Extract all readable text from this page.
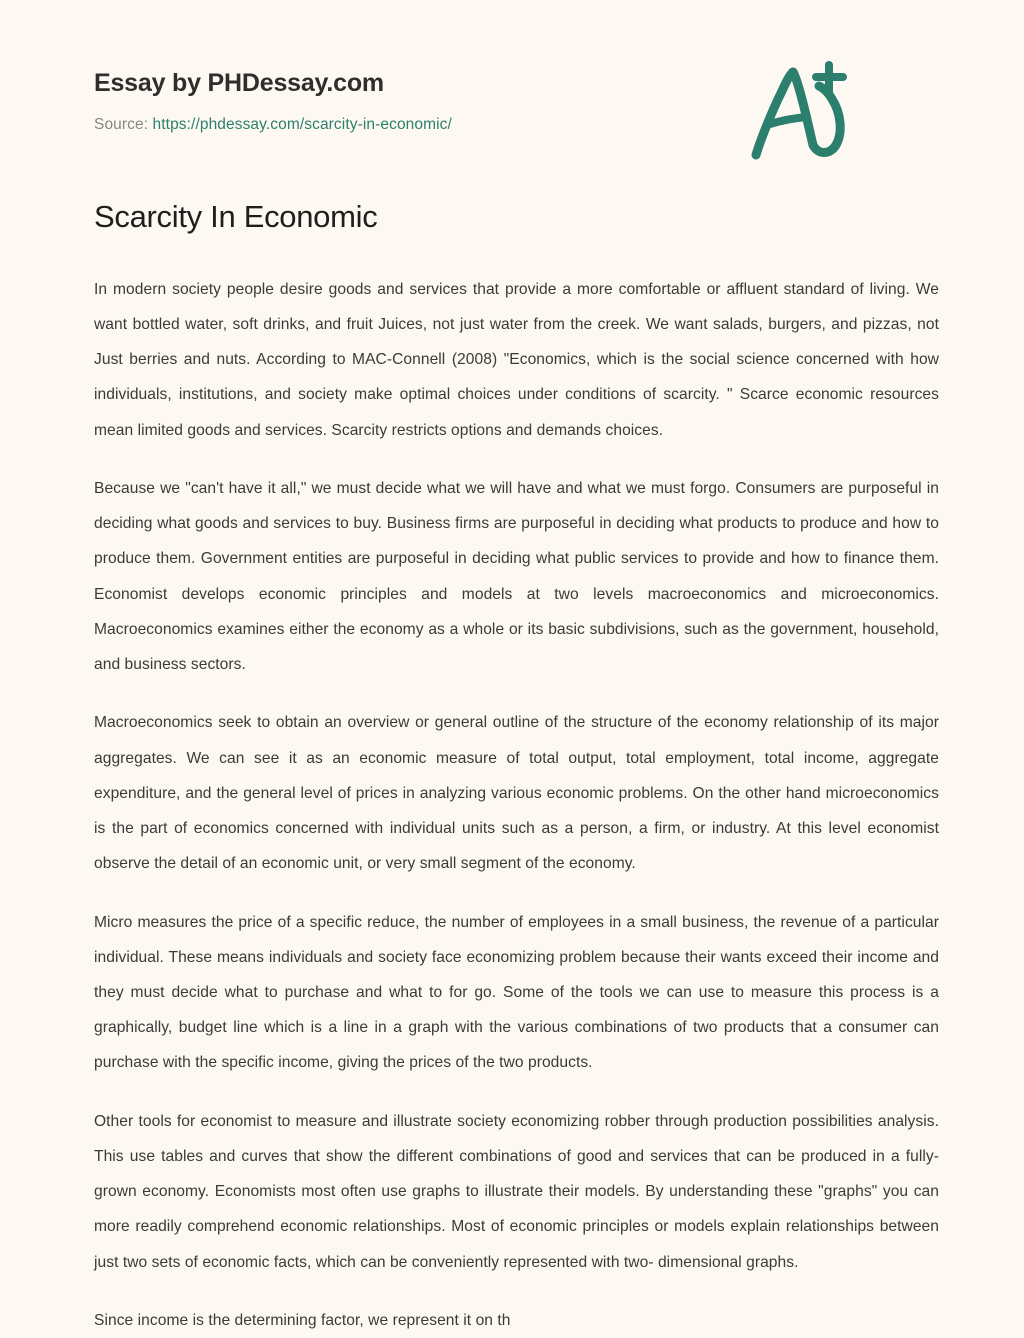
Essay by PHDessay.com
Source: https://phdessay.com/scarcity-in-economic/
Scarcity In Economic

In modern society people desire goods and services that provide a more comfortable or affluent standard of living. We want bottled water, soft drinks, and fruit Juices, not just water from the creek. We want salads, burgers, and pizzas, not Just berries and nuts. According to MAC-Connell (2008) "Economics, which is the social science concerned with how individuals, institutions, and society make optimal choices under conditions of scarcity. " Scarce economic resources mean limited goods and services. Scarcity restricts options and demands choices.

Because we "can't have it all," we must decide what we will have and what we must forgo. Consumers are purposeful in deciding what goods and services to buy. Business firms are purposeful in deciding what products to produce and how to produce them. Government entities are purposeful in deciding what public services to provide and how to finance them. Economist develops economic principles and models at two levels macroeconomics and microeconomics. Macroeconomics examines either the economy as a whole or its basic subdivisions, such as the government, household, and business sectors.

Macroeconomics seek to obtain an overview or general outline of the structure of the economy relationship of its major aggregates. We can see it as an economic measure of total output, total employment, total income, aggregate expenditure, and the general level of prices in analyzing various economic problems. On the other hand microeconomics is the part of economics concerned with individual units such as a person, a firm, or industry. At this level economist observe the detail of an economic unit, or very small segment of the economy.

Micro measures the price of a specific reduce, the number of employees in a small business, the revenue of a particular individual. These means individuals and society face economizing problem because their wants exceed their income and they must decide what to purchase and what to for go. Some of the tools we can use to measure this process is a graphically, budget line which is a line in a graph with the various combinations of two products that a consumer can purchase with the specific income, giving the prices of the two products.

Other tools for economist to measure and illustrate society economizing robber through production possibilities analysis. This use tables and curves that show the different combinations of good and services that can be produced in a fully- grown economy. Economists most often use graphs to illustrate their models. By understanding these "graphs" you can more readily comprehend economic relationships. Most of economic principles or models explain relationships between just two sets of economic facts, which can be conveniently represented with two- dimensional graphs.

Since income is the determining factor, we represent it on th
